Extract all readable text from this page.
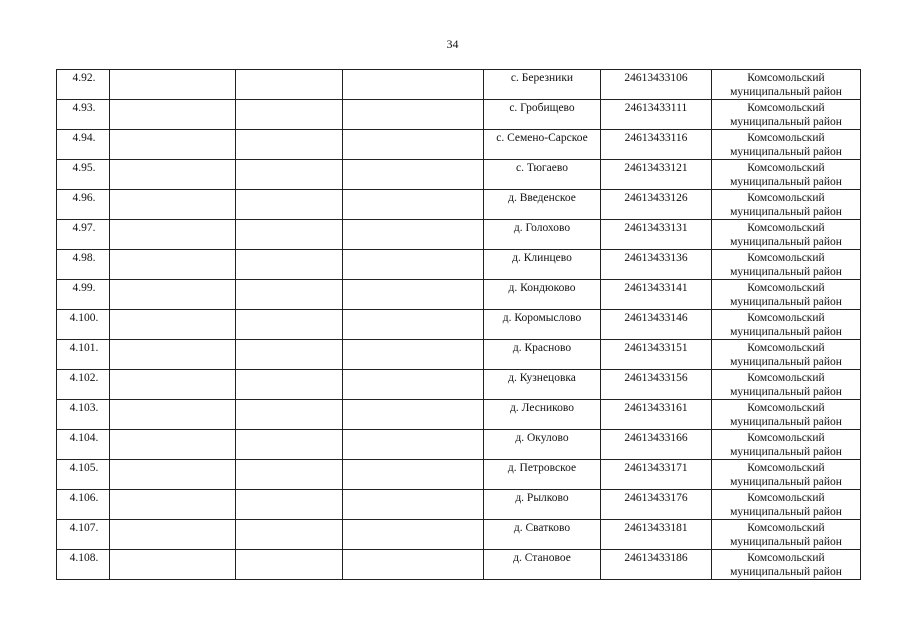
34
4.92.				с. Березники	24613433106	Комсомольский
муниципальный район

4.93.				с. Гробищево	24613433111	Комсомольский
муниципальный район

4.94.				с. Семено-Сарское	24613433116	Комсомольский
муниципальный район

4.95.				с. Тюгаево	24613433121	Комсомольский
муниципальный район

4.96.				д. Введенское	24613433126	Комсомольский
муниципальный район

4.97.				д. Голохово	24613433131	Комсомольский
муниципальный район

4.98.				д. Клинцево	24613433136	Комсомольский
муниципальный район

4.99.				д. Кондюково	24613433141	Комсомольский
муниципальный район

4.100.				д. Коромыслово	24613433146	Комсомольский
муниципальный район

4.101.				д. Красново	24613433151	Комсомольский
муниципальный район

4.102.				д. Кузнецовка	24613433156	Комсомольский
муниципальный район

4.103.				д. Лесниково	24613433161	Комсомольский
муниципальный район

4.104.				д. Окулово	24613433166	Комсомольский
муниципальный район

4.105.				д. Петровское	24613433171	Комсомольский
муниципальный район

4.106.				д. Рылково	24613433176	Комсомольский
муниципальный район

4.107.				д. Сватково	24613433181	Комсомольский
муниципальный район

4.108.				д. Становое	24613433186	Комсомольский
муниципальный район
